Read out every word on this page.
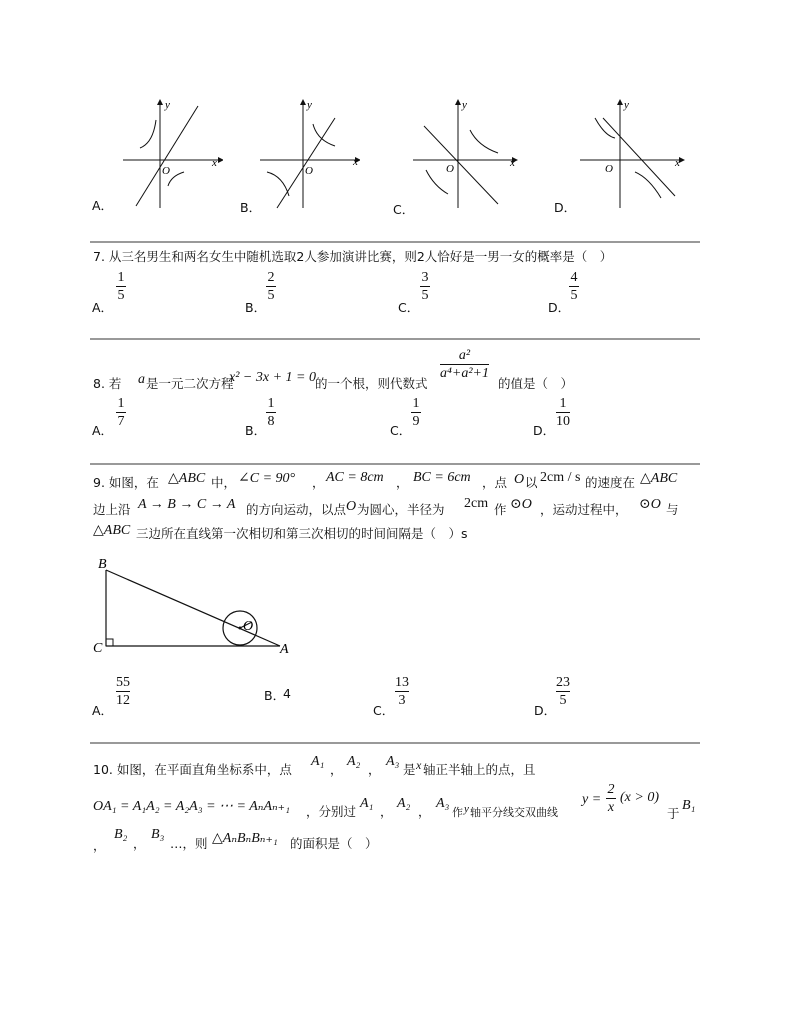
x
y
O
A．
x
y
O
B．
x
y
O
C．
x
y
O
D．
7. 从三名男生和两名女生中随机选取2人参加演讲比赛，则2人恰好是一男一女的概率是（　）
A．
1
5
B．
2
5
C．
3
5
D．
4
5
8. 若 a 是一元二次方程
x² − 3x + 1 = 0 的一个根，则代数式
a²
a⁴+a²+1
的值是（　）
A．
1
7
B．
1
8
C．
1
9
D．
1
10
9. 如图，在 △ABC 中， ∠C = 90° ， AC = 8cm ， BC = 6cm ，点 O 以 2cm / s 的速度在 △ABC
边上沿 A → B → C → A 的方向运动，以点 O 为圆心，半径为 2cm 作 ⊙O ，运动过程中， ⊙O 与
△ABC 三边所在直线第一次相切和第三次相切的时间间隔是（　）s
B
C	A
O
A．
55
12	B．
4
C．
13
3
D．
23
5
10. 如图，在平面直角坐标系中，点
A₁
，
A₂
，
A₃
是 x 轴正半轴上的点，且
OA₁ = A₁A₂ = A₂A₃ = ⋯ = AₙAₙ₊₁ ，分别过
A₁
，
A₂
，
A₃
作 y 轴平分线交双曲线
y =
2
x
(x > 0)
于
B₁
，
B₂
，
B₃
…，则 △AₙBₙBₙ₊₁ 的面积是（　）
